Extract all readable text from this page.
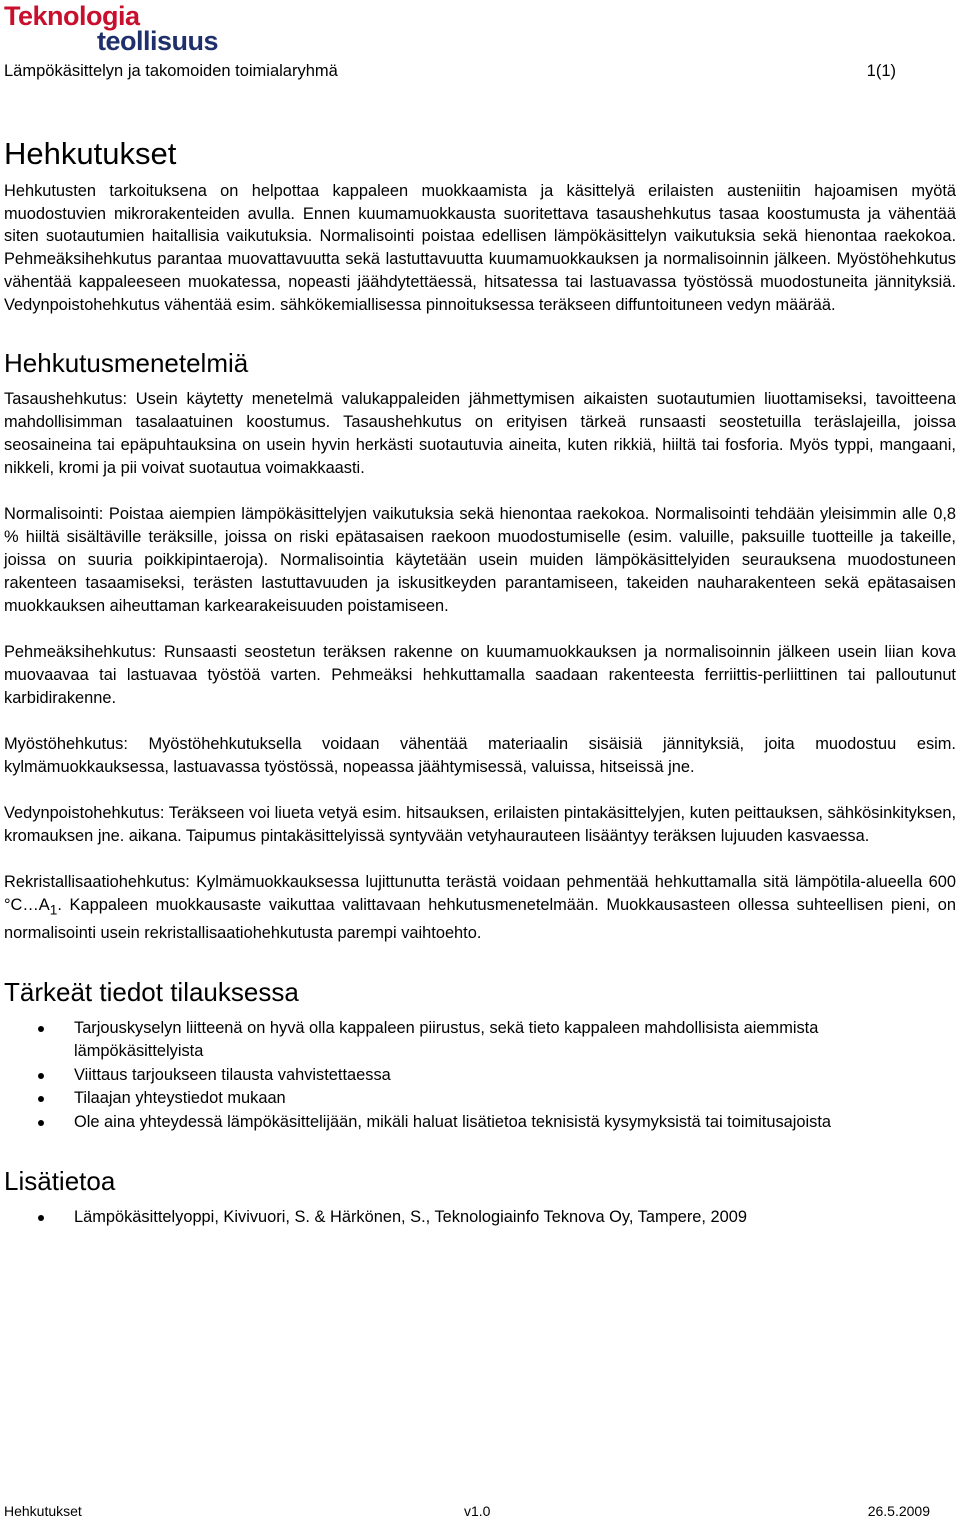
Teknologia
teollisuus
Lämpökäsittelyn ja takomoiden toimialaryhmä	1(1)
Hehkutukset

Hehkutusten tarkoituksena on helpottaa kappaleen muokkaamista ja käsittelyä erilaisten austeniitin hajoamisen myötä muodostuvien mikrorakenteiden avulla. Ennen kuumamuokkausta suoritettava tasaushehkutus tasaa koostumusta ja vähentää siten suotautumien haitallisia vaikutuksia. Normalisointi poistaa edellisen lämpökäsittelyn vaikutuksia sekä hienontaa raekokoa. Pehmeäksihehkutus parantaa muovattavuutta sekä lastuttavuutta kuumamuokkauksen ja normalisoinnin jälkeen. Myöstöhehkutus vähentää kappaleeseen muokatessa, nopeasti jäähdytettäessä, hitsatessa tai lastuavassa työstössä muodostuneita jännityksiä. Vedynpoistohehkutus vähentää esim. sähkökemiallisessa pinnoituksessa teräkseen diffuntoituneen vedyn määrää.

Hehkutusmenetelmiä

Tasaushehkutus: Usein käytetty menetelmä valukappaleiden jähmettymisen aikaisten suotautumien liuottamiseksi, tavoitteena mahdollisimman tasalaatuinen koostumus. Tasaushehkutus on erityisen tärkeä runsaasti seostetuilla teräslajeilla, joissa seosaineina tai epäpuhtauksina on usein hyvin herkästi suotautuvia aineita, kuten rikkiä, hiiltä tai fosforia. Myös typpi, mangaani, nikkeli, kromi ja pii voivat suotautua voimakkaasti.

Normalisointi: Poistaa aiempien lämpökäsittelyjen vaikutuksia sekä hienontaa raekokoa. Normalisointi tehdään yleisimmin alle 0,8 % hiiltä sisältäville teräksille, joissa on riski epätasaisen raekoon muodostumiselle (esim. valuille, paksuille tuotteille ja takeille, joissa on suuria poikkipintaeroja). Normalisointia käytetään usein muiden lämpökäsittelyiden seurauksena muodostuneen rakenteen tasaamiseksi, terästen lastuttavuuden ja iskusitkeyden parantamiseen, takeiden nauharakenteen sekä epätasaisen muokkauksen aiheuttaman karkearakeisuuden poistamiseen.

Pehmeäksihehkutus: Runsaasti seostetun teräksen rakenne on kuumamuokkauksen ja normalisoinnin jälkeen usein liian kova muovaavaa tai lastuavaa työstöä varten. Pehmeäksi hehkuttamalla saadaan rakenteesta ferriittis-perliittinen tai palloutunut karbidirakenne.

Myöstöhehkutus: Myöstöhehkutuksella voidaan vähentää materiaalin sisäisiä jännityksiä, joita muodostuu esim. kylmämuokkauksessa, lastuavassa työstössä, nopeassa jäähtymisessä, valuissa, hitseissä jne.

Vedynpoistohehkutus: Teräkseen voi liueta vetyä esim. hitsauksen, erilaisten pintakäsittelyjen, kuten peittauksen, sähkösinkityksen, kromauksen jne. aikana. Taipumus pintakäsittelyissä syntyvään vetyhaurauteen lisääntyy teräksen lujuuden kasvaessa.

Rekristallisaatiohehkutus: Kylmämuokkauksessa lujittunutta terästä voidaan pehmentää hehkuttamalla sitä lämpötila-alueella 600 $^\circ C\dots A_1$. Kappaleen muokkausaste vaikuttaa valittavaan hehkutusmenetelmään. Muokkausasteen ollessa suhteellisen pieni, on normalisointi usein rekristallisaatiohehkutusta parempi vaihtoehto.

Tärkeät tiedot tilauksessa
Tarjouskyselyn liitteenä on hyvä olla kappaleen piirustus, sekä tieto kappaleen mahdollisista aiemmista lämpökäsittelyista
Viittaus tarjoukseen tilausta vahvistettaessa
Tilaajan yhteystiedot mukaan
Ole aina yhteydessä lämpökäsittelijään, mikäli haluat lisätietoa teknisistä kysymyksistä tai toimitusajoista
Lisätietoa
Lämpökäsittelyoppi, Kivivuori, S. & Härkönen, S., Teknologiainfo Teknova Oy, Tampere, 2009
Hehkutukset	v1.0	26.5.2009
